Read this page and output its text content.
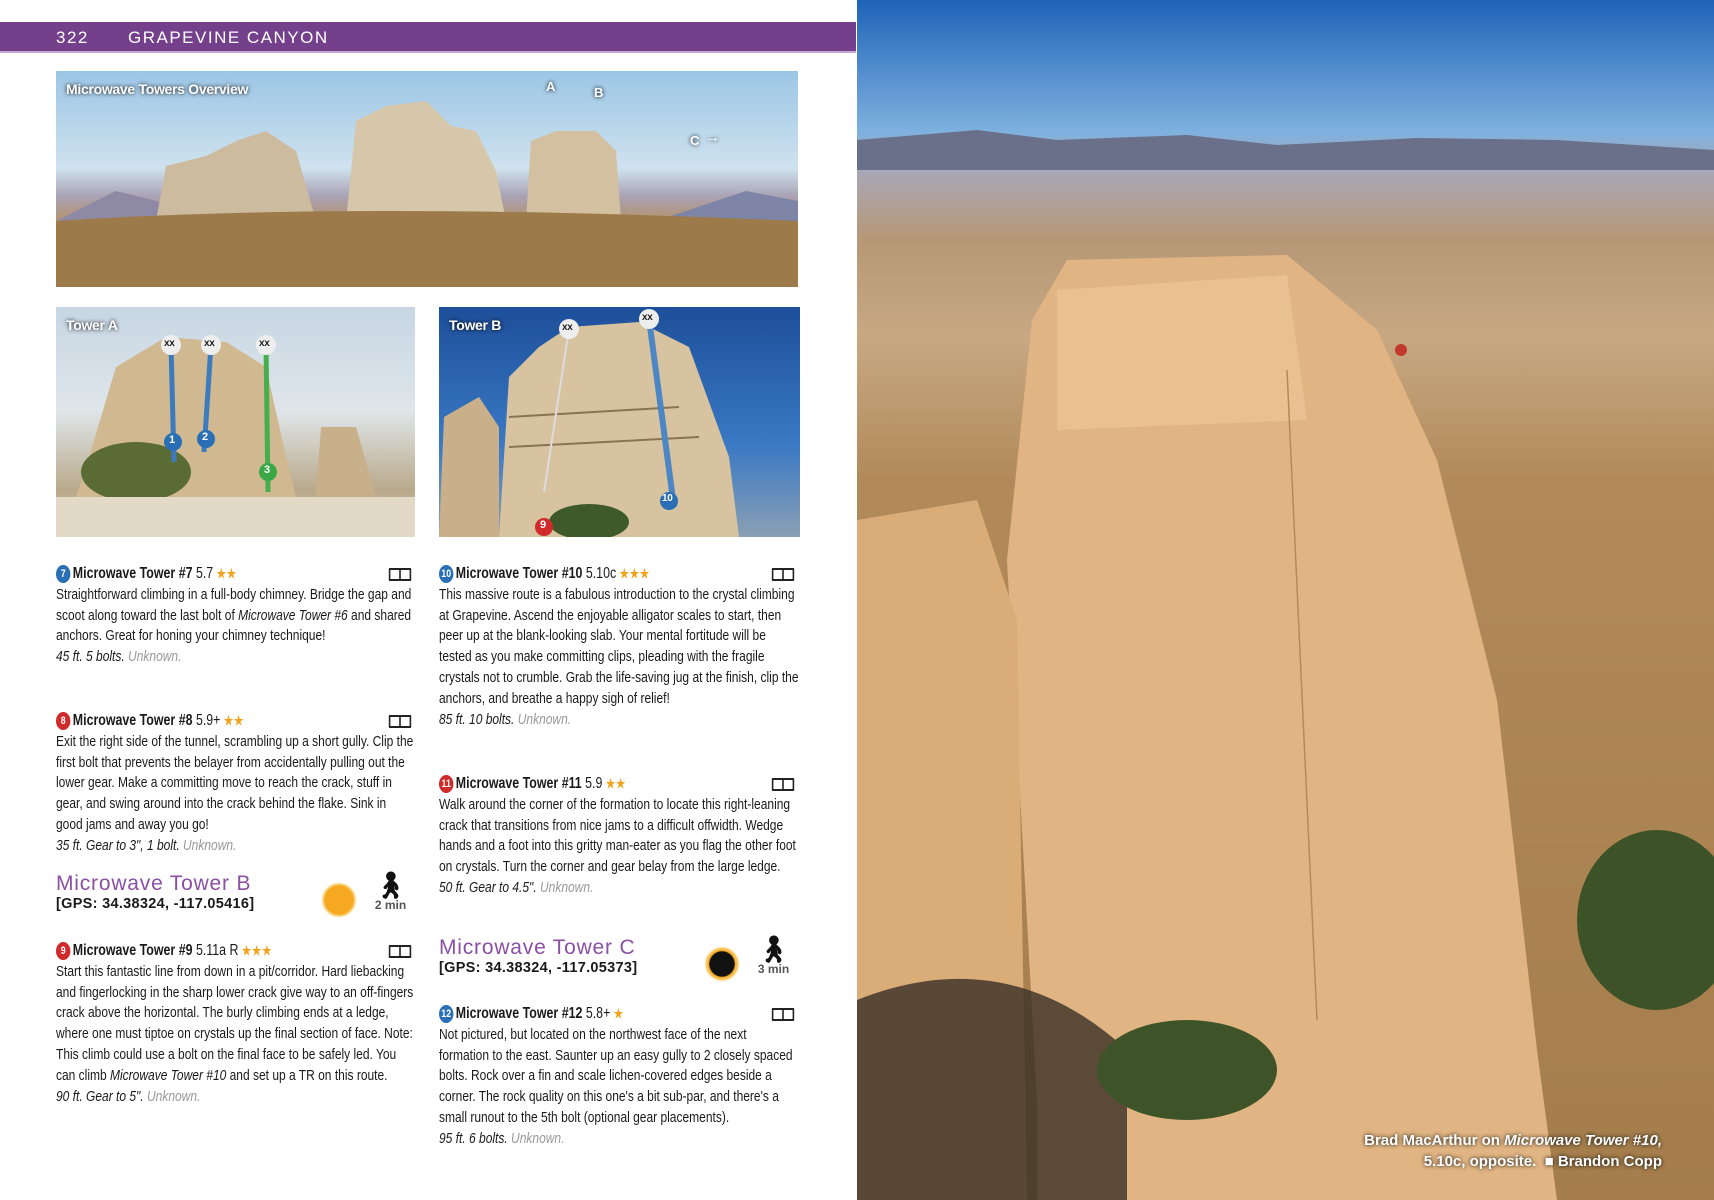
322 GRAPEVINE CANYON
Microwave Towers Overview	A	B
C →
Tower A
xx	xx	xx
1 2
3
Tower B	xx
xx
9
10
7 Microwave Tower #7 5.7 ★★
Straightforward climbing in a full-body chimney. Bridge the gap and scoot along toward the last bolt of Microwave Tower #6 and shared anchors. Great for honing your chimney technique!
45 ft. 5 bolts. Unknown.
8 Microwave Tower #8 5.9+ ★★
Exit the right side of the tunnel, scrambling up a short gully. Clip the first bolt that prevents the belayer from accidentally pulling out the lower gear. Make a committing move to reach the crack, stuff in gear, and swing around into the crack behind the flake. Sink in good jams and away you go!
35 ft. Gear to 3", 1 bolt. Unknown.
Microwave Tower B
[GPS: 34.38324, -117.05416]
🚶︎
2 min
9 Microwave Tower #9 5.11a R ★★★
Start this fantastic line from down in a pit/corridor. Hard liebacking and fingerlocking in the sharp lower crack give way to an off-fingers crack above the horizontal. The burly climbing ends at a ledge, where one must tiptoe on crystals up the final section of face. Note: This climb could use a bolt on the final face to be safely led. You can climb Microwave Tower #10 and set up a TR on this route.
90 ft. Gear to 5". Unknown.
10 Microwave Tower #10 5.10c ★★★
This massive route is a fabulous introduction to the crystal climbing at Grapevine. Ascend the enjoyable alligator scales to start, then peer up at the blank-looking slab. Your mental fortitude will be tested as you make committing clips, pleading with the fragile crystals not to crumble. Grab the life-saving jug at the finish, clip the anchors, and breathe a happy sigh of relief!
85 ft. 10 bolts. Unknown.
11 Microwave Tower #11 5.9 ★★
Walk around the corner of the formation to locate this right-leaning crack that transitions from nice jams to a difficult offwidth. Wedge hands and a foot into this gritty man-eater as you flag the other foot on crystals. Turn the corner and gear belay from the large ledge.
50 ft. Gear to 4.5". Unknown.
Microwave Tower C
[GPS: 34.38324, -117.05373]
🚶︎
3 min
12 Microwave Tower #12 5.8+ ★
Not pictured, but located on the northwest face of the next formation to the east. Saunter up an easy gully to 2 closely spaced bolts. Rock over a fin and scale lichen-covered edges beside a corner. The rock quality on this one's a bit sub-par, and there's a small runout to the 5th bolt (optional gear placements).
95 ft. 6 bolts. Unknown.	Brad MacArthur on Microwave Tower #10,
5.10c, opposite. ■ Brandon Copp
